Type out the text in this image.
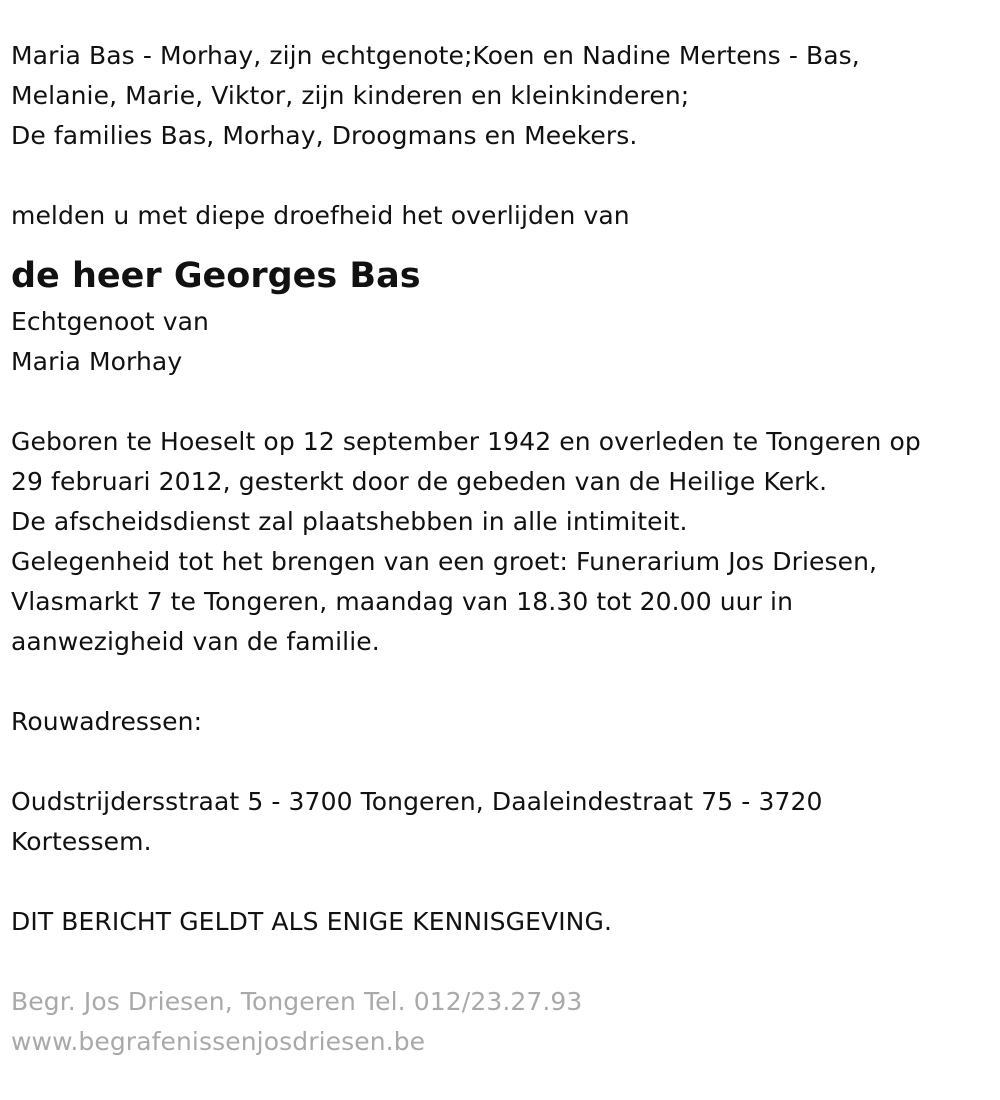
Maria Bas - Morhay, zijn echtgenote;Koen en Nadine Mertens - Bas,
Melanie, Marie, Viktor, zijn kinderen en kleinkinderen;
De families Bas, Morhay, Droogmans en Meekers.
melden u met diepe droefheid het overlijden van
de heer Georges Bas
Echtgenoot van
Maria Morhay
Geboren te Hoeselt op 12 september 1942 en overleden te Tongeren op
29 februari 2012, gesterkt door de gebeden van de Heilige Kerk.
De afscheidsdienst zal plaatshebben in alle intimiteit.
Gelegenheid tot het brengen van een groet: Funerarium Jos Driesen,
Vlasmarkt 7 te Tongeren, maandag van 18.30 tot 20.00 uur in
aanwezigheid van de familie.
Rouwadressen:
Oudstrijdersstraat 5 - 3700 Tongeren, Daaleindestraat 75 - 3720
Kortessem.
DIT BERICHT GELDT ALS ENIGE KENNISGEVING.
Begr. Jos Driesen, Tongeren Tel. 012/23.27.93
www.begrafenissenjosdriesen.be
